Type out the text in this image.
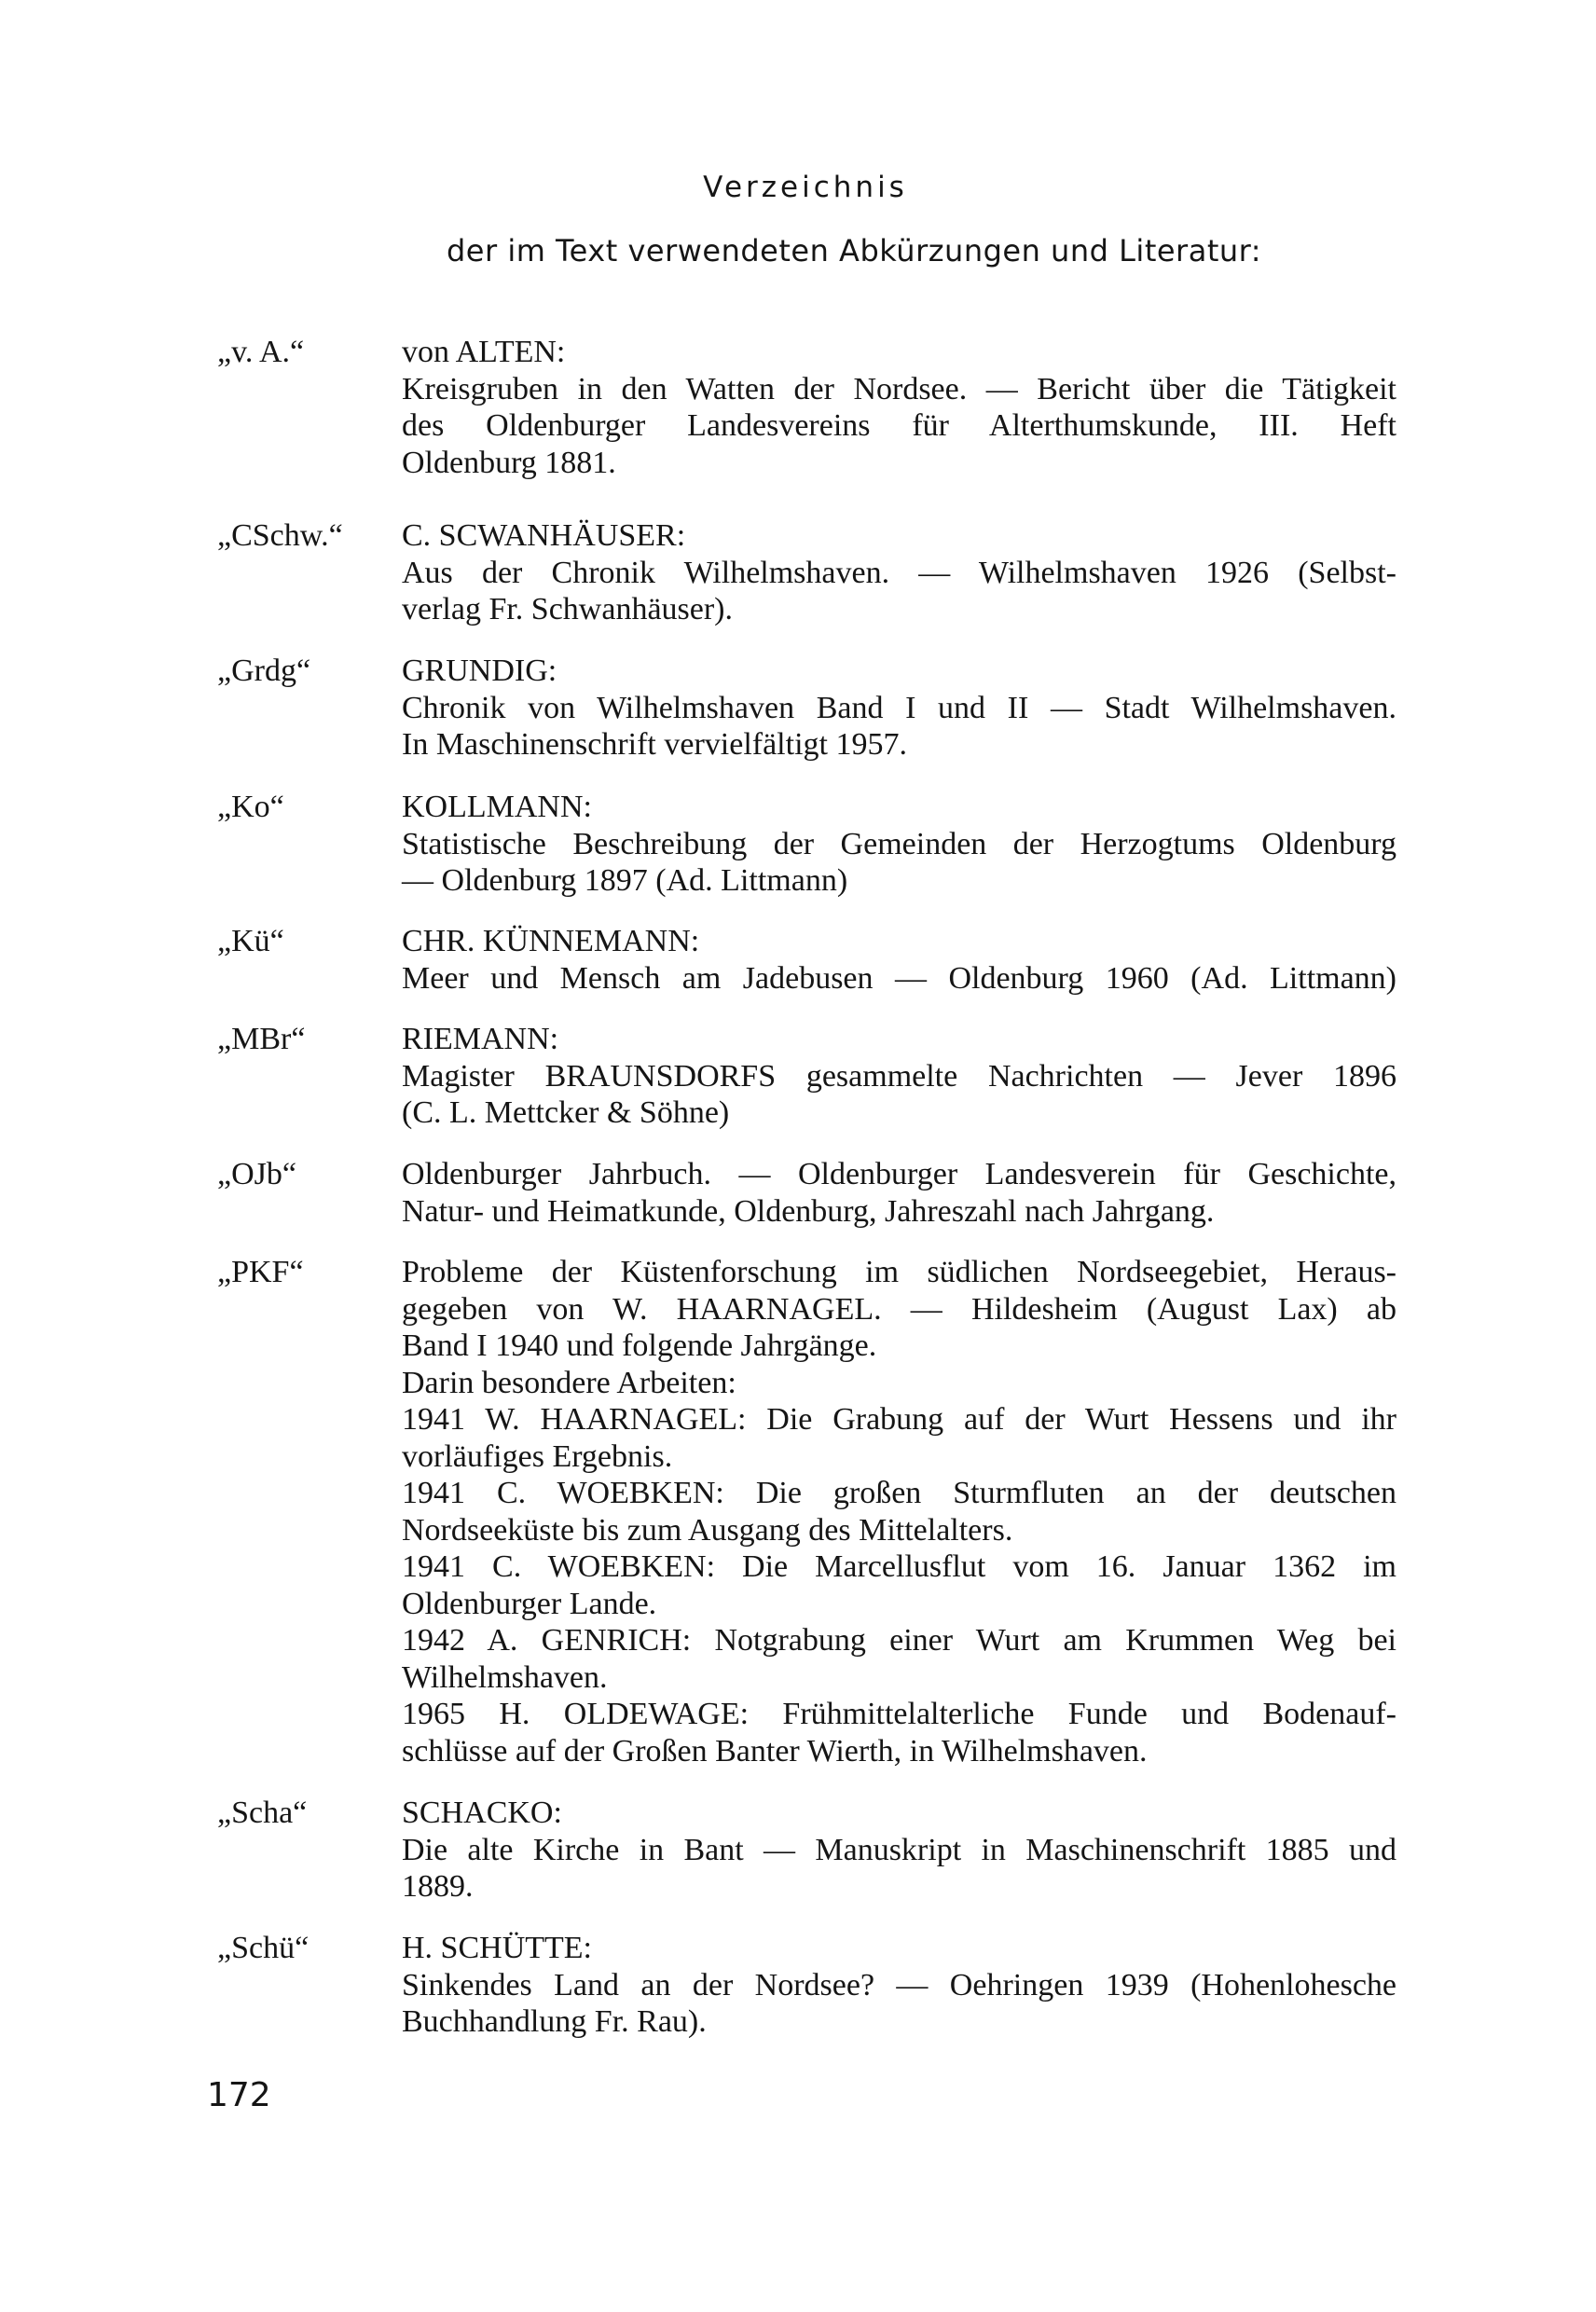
Verzeichnis
der im Text verwendeten Abkürzungen und Literatur:
„v. A.“	von ALTEN:
Kreisgruben in den Watten der Nordsee. — Bericht über die Tätigkeit
des Oldenburger Landesvereins für Alterthumskunde, III. Heft
Oldenburg 1881.
„CSchw.“ C. SCWANHÄUSER:
Aus der Chronik Wilhelmshaven. — Wilhelmshaven 1926 (Selbst-
verlag Fr. Schwanhäuser).
„Grdg“	GRUNDIG:
Chronik von Wilhelmshaven Band I und II — Stadt Wilhelmshaven.
In Maschinenschrift vervielfältigt 1957.
„Ko“	KOLLMANN:
Statistische Beschreibung der Gemeinden der Herzogtums Oldenburg
— Oldenburg 1897 (Ad. Littmann)
„Kü“	CHR. KÜNNEMANN:
Meer und Mensch am Jadebusen — Oldenburg 1960 (Ad. Littmann)
„MBr“	RIEMANN:
Magister BRAUNSDORFS gesammelte Nachrichten — Jever 1896
(C. L. Mettcker & Söhne)
„OJb“	Oldenburger Jahrbuch. — Oldenburger Landesverein für Geschichte,
Natur- und Heimatkunde, Oldenburg, Jahreszahl nach Jahrgang.
„PKF“	Probleme der Küstenforschung im südlichen Nordseegebiet, Heraus-
gegeben von W. HAARNAGEL. — Hildesheim (August Lax) ab
Band I 1940 und folgende Jahrgänge.
Darin besondere Arbeiten:
1941 W. HAARNAGEL: Die Grabung auf der Wurt Hessens und ihr
vorläufiges Ergebnis.
1941 C. WOEBKEN: Die großen Sturmfluten an der deutschen
Nordseeküste bis zum Ausgang des Mittelalters.
1941 C. WOEBKEN: Die Marcellusflut vom 16. Januar 1362 im
Oldenburger Lande.
1942 A. GENRICH: Notgrabung einer Wurt am Krummen Weg bei
Wilhelmshaven.
1965 H. OLDEWAGE: Frühmittelalterliche Funde und Bodenauf-
schlüsse auf der Großen Banter Wierth, in Wilhelmshaven.
„Scha“	SCHACKO:
Die alte Kirche in Bant — Manuskript in Maschinenschrift 1885 und
1889.
„Schü“	H. SCHÜTTE:
Sinkendes Land an der Nordsee? — Oehringen 1939 (Hohenlohesche
Buchhandlung Fr. Rau).
172
